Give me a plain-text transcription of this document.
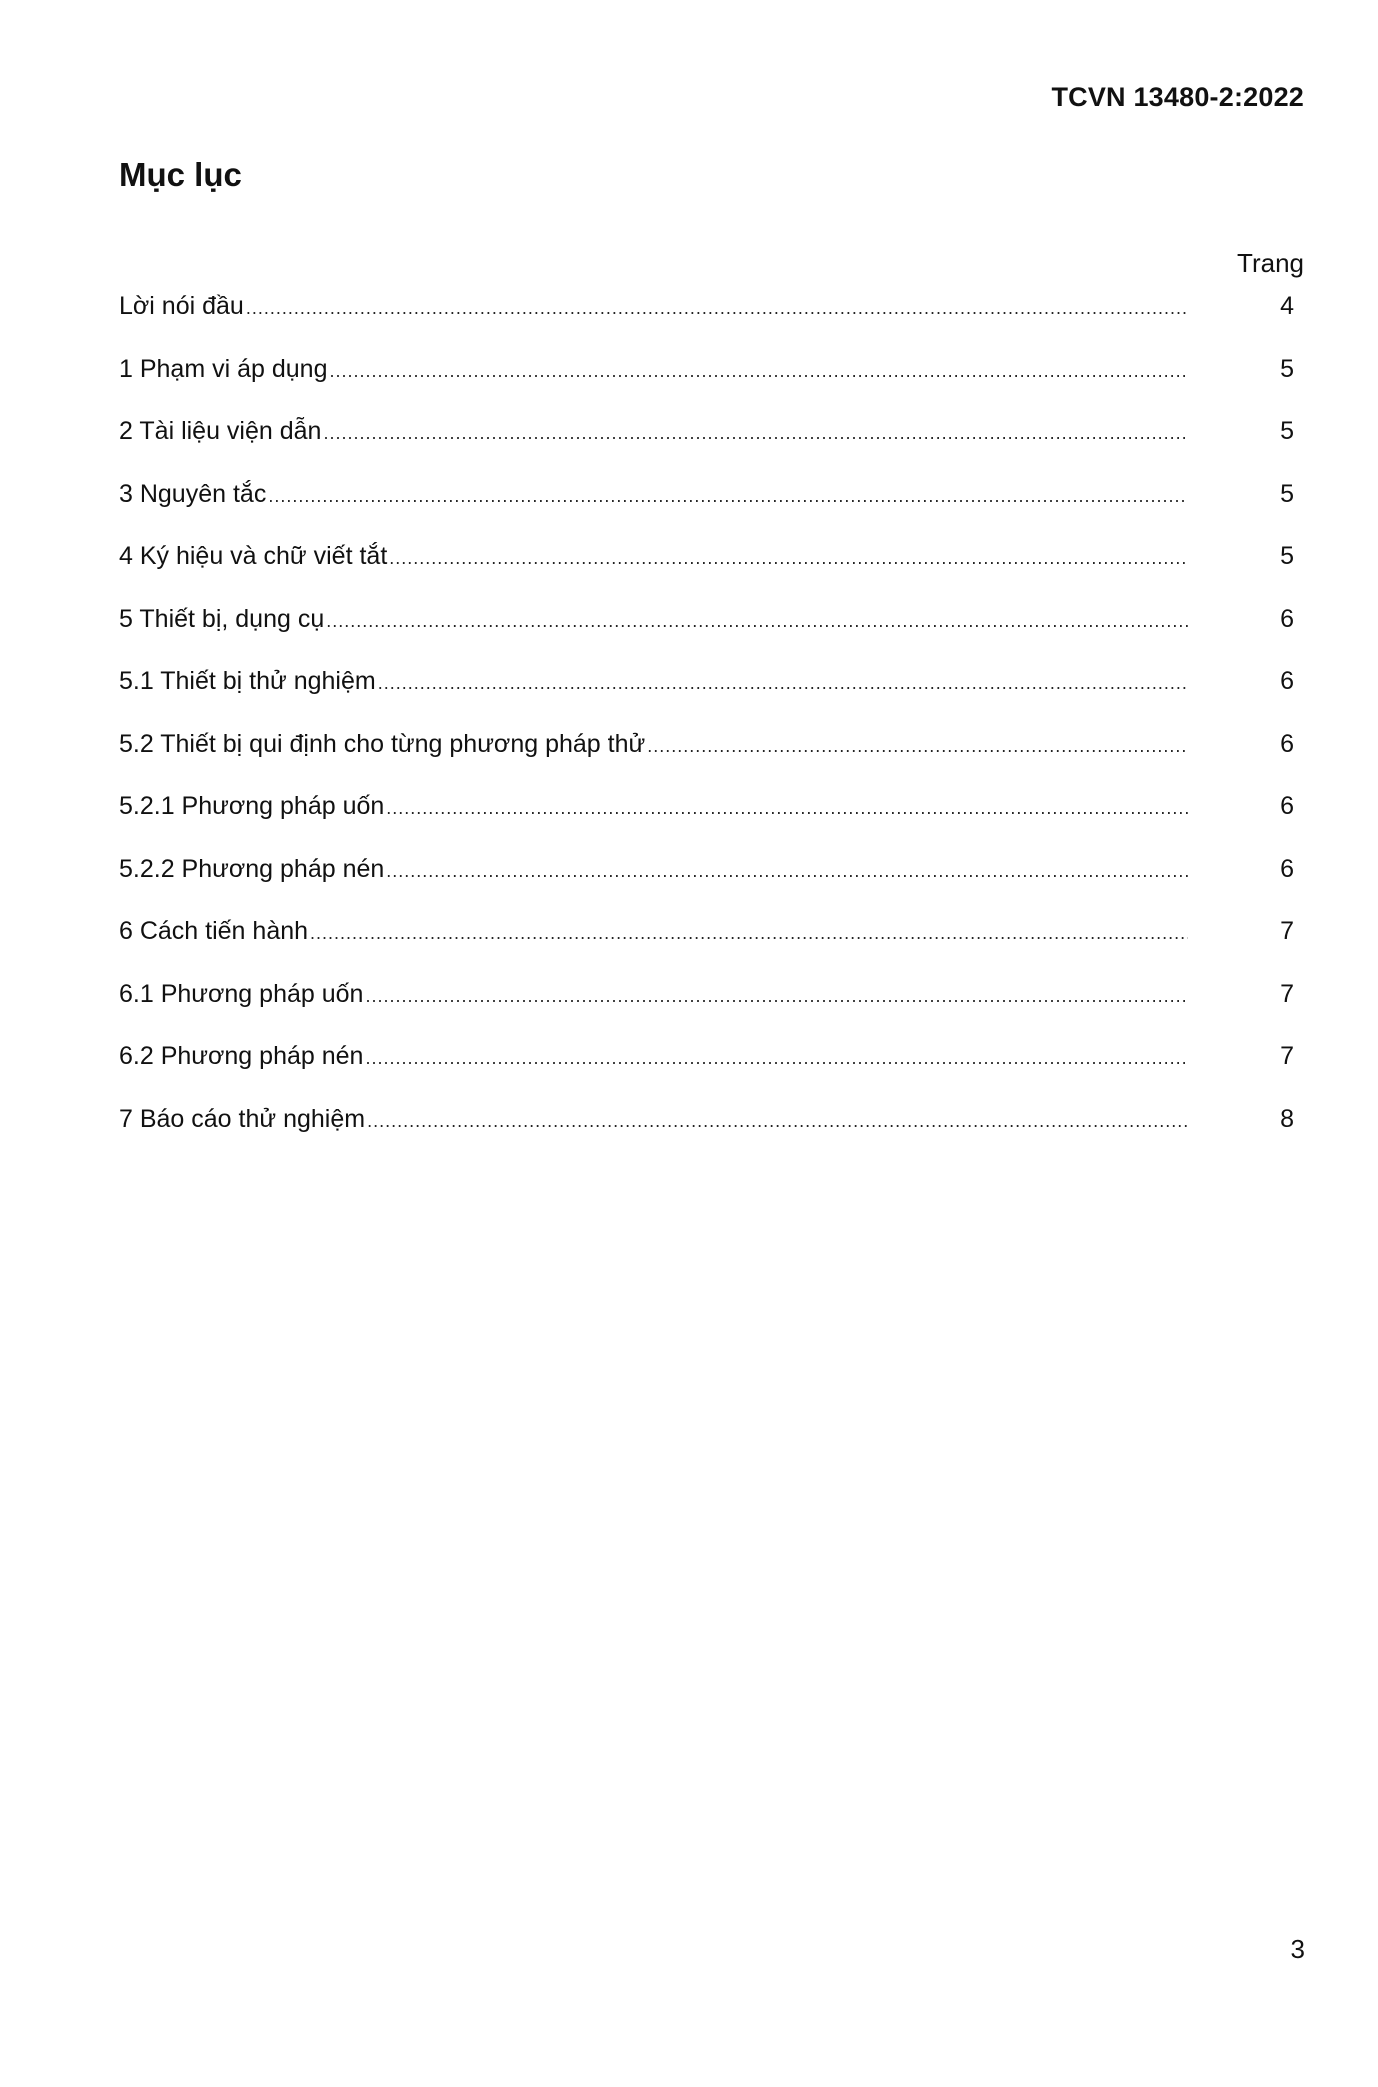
TCVN 13480-2:2022
Mục lục
Trang
Lời nói đầu .....	4
1 Phạm vi áp dụng .....	5
2 Tài liệu viện dẫn .....	5
3 Nguyên tắc .....	5
4 Ký hiệu và chữ viết tắt .....	5
5 Thiết bị, dụng cụ .....	6
5.1 Thiết bị thử nghiệm .....	6
5.2 Thiết bị qui định cho từng phương pháp thử .....	6
5.2.1 Phương pháp uốn .....	6
5.2.2 Phương pháp nén .....	6
6 Cách tiến hành .....	7
6.1 Phương pháp uốn .....	7
6.2 Phương pháp nén .....	7
7 Báo cáo thử nghiệm .....	8
3
